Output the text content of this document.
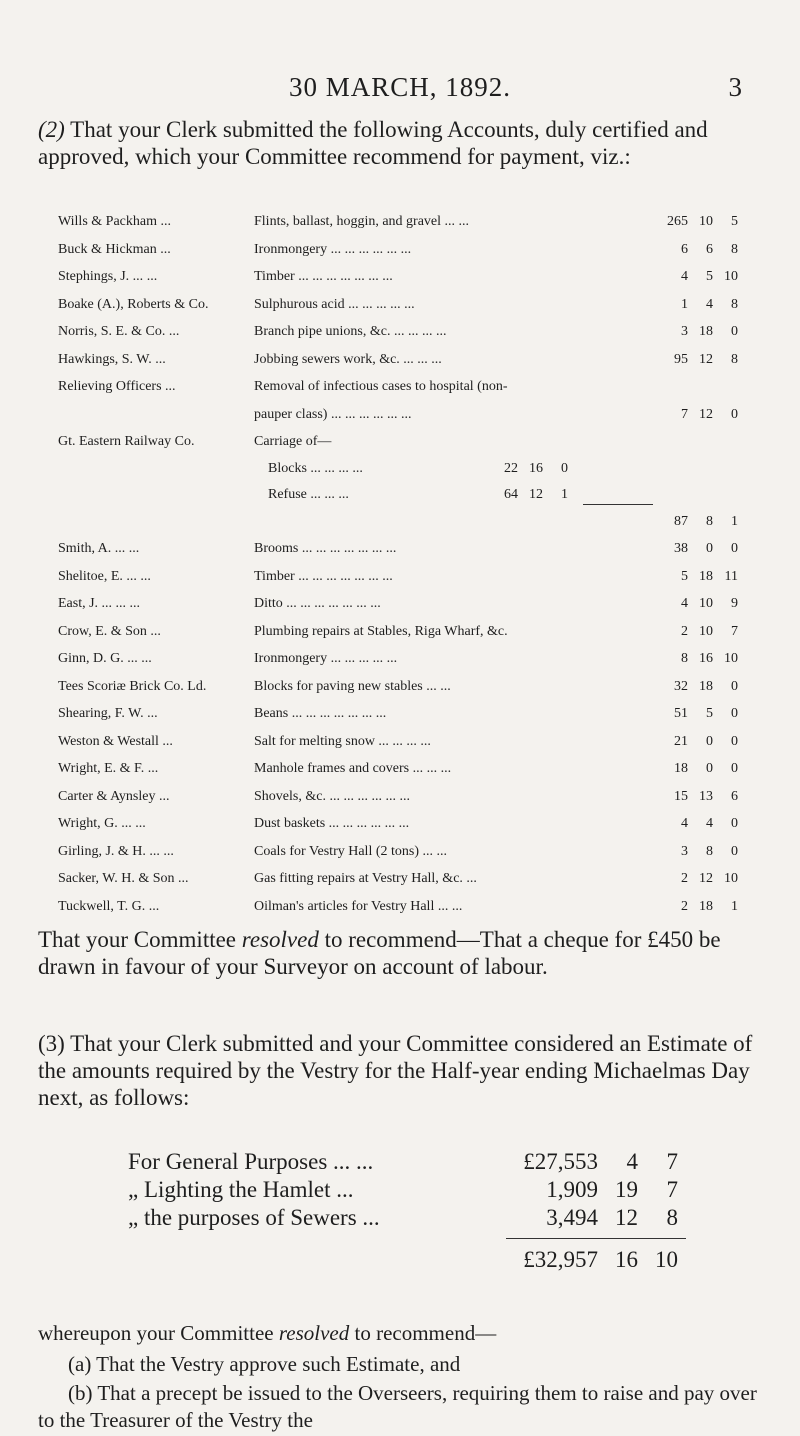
30 MARCH, 1892.	3
(2) That your Clerk submitted the following Accounts, duly certified and approved, which your Committee recommend for payment, viz.:
Wills & Packham ...	Flints, ballast, hoggin, and gravel ... ...	265 10 5
Buck & Hickman ...	Ironmongery ... ... ... ... ... ...	6 6 8
Stephings, J. ... ...	Timber ... ... ... ... ... ... ...	4 5 10
Boake (A.), Roberts & Co.	Sulphurous acid ... ... ... ... ...	1 4 8
Norris, S. E. & Co. ...	Branch pipe unions, &c. ... ... ... ...	3 18 0
Hawkings, S. W. ...	Jobbing sewers work, &c. ... ... ...	95 12 8
Relieving Officers ...	Removal of infectious cases to hospital (non-
pauper class) ... ... ... ... ... ...	7 12 0
Gt. Eastern Railway Co.	Carriage of—
Blocks ... ... ... ...	22 16 0
Refuse ... ... ...	64 12 1
87 8 1
Smith, A. ... ...	Brooms ... ... ... ... ... ... ...	38 0 0
Shelitoe, E. ... ...	Timber ... ... ... ... ... ... ...	5 18 11
East, J. ... ... ...	Ditto ... ... ... ... ... ... ...	4 10 9
Crow, E. & Son ...	Plumbing repairs at Stables, Riga Wharf, &c.	2 10 7
Ginn, D. G. ... ...	Ironmongery ... ... ... ... ...	8 16 10
Tees Scoriæ Brick Co. Ld.	Blocks for paving new stables ... ...	32 18 0
Shearing, F. W. ...	Beans ... ... ... ... ... ... ...	51 5 0
Weston & Westall ...	Salt for melting snow ... ... ... ...	21 0 0
Wright, E. & F. ...	Manhole frames and covers ... ... ...	18 0 0
Carter & Aynsley ...	Shovels, &c. ... ... ... ... ... ...	15 13 6
Wright, G. ... ...	Dust baskets ... ... ... ... ... ...	4 4 0
Girling, J. & H. ... ...	Coals for Vestry Hall (2 tons) ... ...	3 8 0
Sacker, W. H. & Son ...	Gas fitting repairs at Vestry Hall, &c. ...	2 12 10
Tuckwell, T. G. ...	Oilman's articles for Vestry Hall ... ...	2 18 1
That your Committee resolved to recommend—That a cheque for £450 be drawn in favour of your Surveyor on account of labour.
(3) That your Clerk submitted and your Committee considered an Estimate of the amounts required by the Vestry for the Half-year ending Michaelmas Day next, as follows:
For General Purposes ... ...	£27,553 4 7
„ Lighting the Hamlet ...	1,909 19 7
„ the purposes of Sewers ...	3,494 12 8
£32,957 16 10
whereupon your Committee resolved to recommend—
(a) That the Vestry approve such Estimate, and
(b) That a precept be issued to the Overseers, requiring them to raise and pay over to the Treasurer of the Vestry the
